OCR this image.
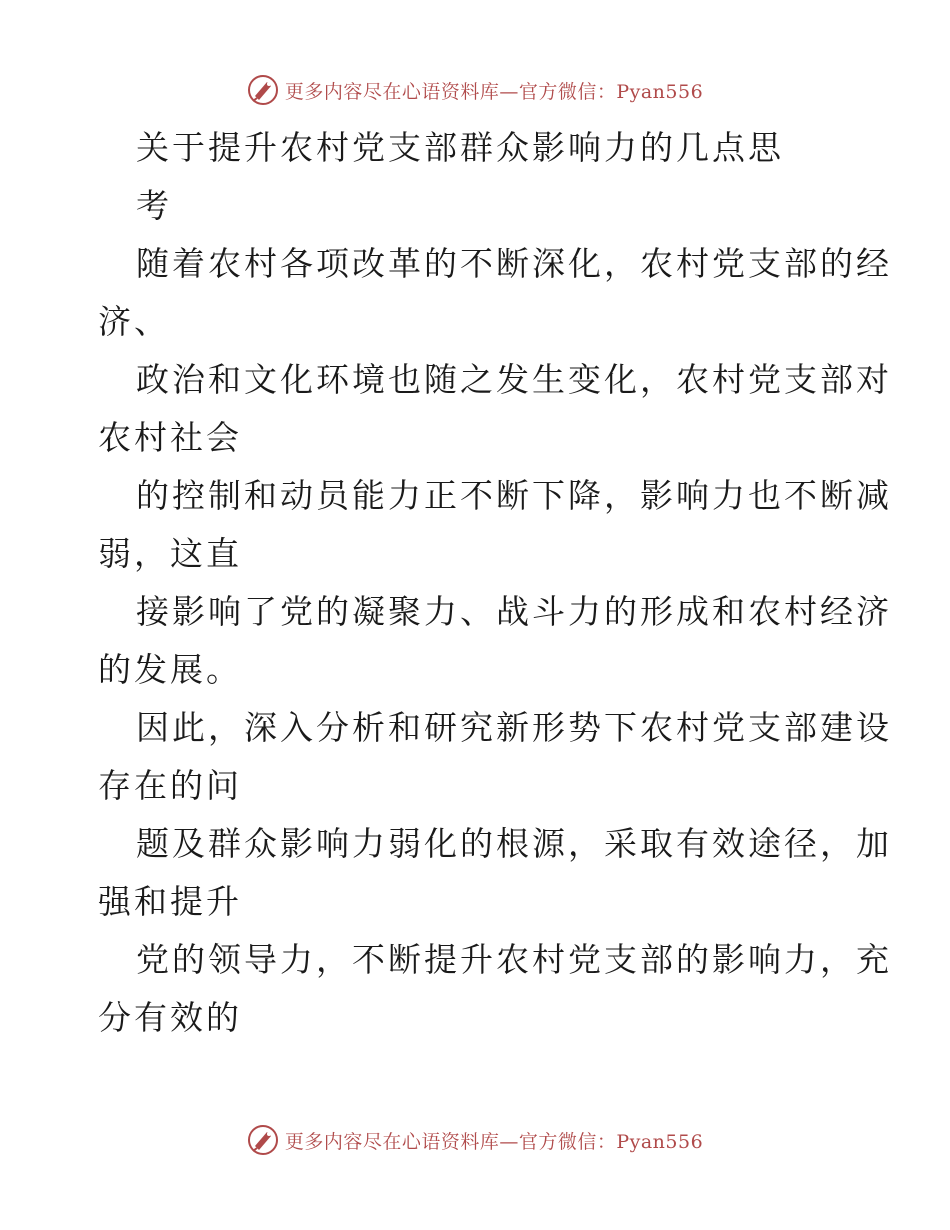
更多内容尽在心语资料库—官方微信：Pyan556
关于提升农村党支部群众影响力的几点思
考
随着农村各项改革的不断深化，农村党支部的经
济、
政治和文化环境也随之发生变化，农村党支部对
农村社会
的控制和动员能力正不断下降，影响力也不断减
弱，这直
接影响了党的凝聚力、战斗力的形成和农村经济
的发展。
因此，深入分析和研究新形势下农村党支部建设
存在的问
题及群众影响力弱化的根源，采取有效途径，加
强和提升
党的领导力，不断提升农村党支部的影响力，充
分有效的
更多内容尽在心语资料库—官方微信：Pyan556
